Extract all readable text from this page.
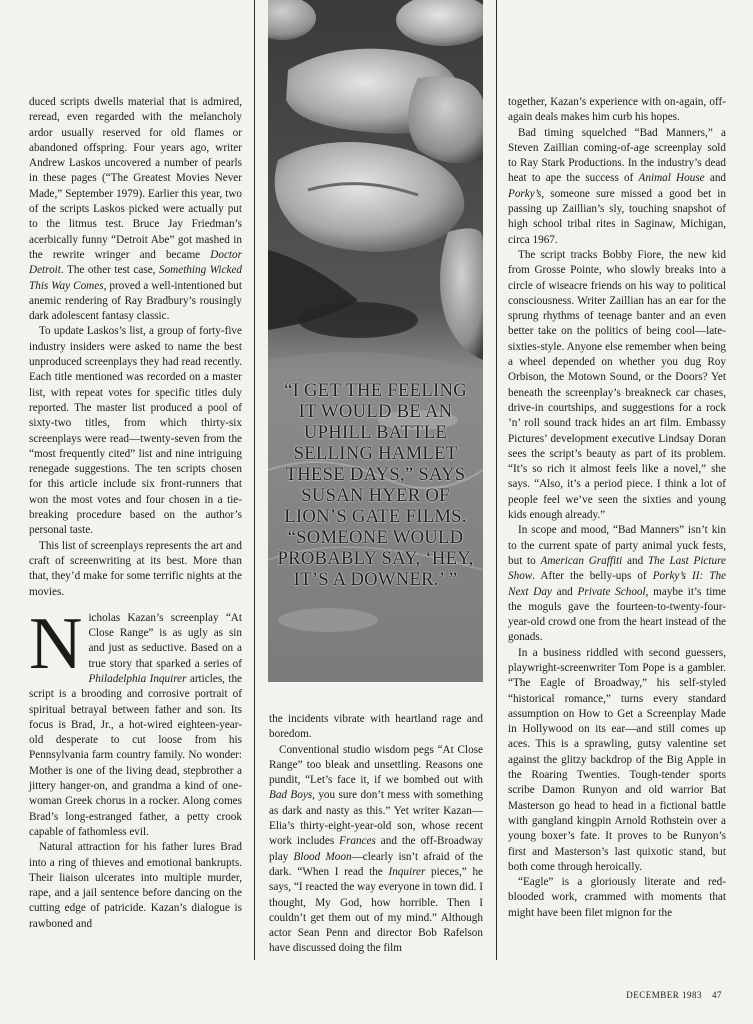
duced scripts dwells material that is admired, reread, even regarded with the melancholy ardor usually reserved for old flames or abandoned offspring. Four years ago, writer Andrew Laskos uncovered a number of pearls in these pages (“The Greatest Movies Never Made,” September 1979). Earlier this year, two of the scripts Laskos picked were actually put to the litmus test. Bruce Jay Friedman’s acerbically funny “Detroit Abe” got mashed in the rewrite wringer and became Doctor Detroit. The other test case, Something Wicked This Way Comes, proved a well-intentioned but anemic rendering of Ray Bradbury’s rousingly dark adolescent fantasy classic.

To update Laskos’s list, a group of forty-five industry insiders were asked to name the best unproduced screenplays they had read recently. Each title mentioned was recorded on a master list, with repeat votes for specific titles duly reported. The master list produced a pool of sixty-two titles, from which thirty-six screenplays were read—twenty-seven from the “most frequently cited” list and nine intriguing renegade suggestions. The ten scripts chosen for this article include six front-runners that won the most votes and four chosen in a tie-breaking procedure based on the author’s personal taste.

This list of screenplays represents the art and craft of screenwriting at its best. More than that, they’d make for some terrific nights at the movies.

Nicholas Kazan’s screenplay “At Close Range” is as ugly as sin and just as seductive. Based on a true story that sparked a series of Philadelphia Inquirer articles, the script is a brooding and corrosive portrait of spiritual betrayal between father and son. Its focus is Brad, Jr., a hot-wired eighteen-year-old desperate to cut loose from his Pennsylvania farm country family. No wonder: Mother is one of the living dead, stepbrother a jittery hanger-on, and grandma a kind of one-woman Greek chorus in a rocker. Along comes Brad’s long-estranged father, a petty crook capable of fathomless evil.

Natural attraction for his father lures Brad into a ring of thieves and emotional bankrupts. Their liaison ulcerates into multiple murder, rape, and a jail sentence before dancing on the cutting edge of patricide. Kazan’s dialogue is rawboned and

“I GET THE FEELING IT WOULD BE AN UPHILL BATTLE SELLING HAMLET THESE DAYS,” SAYS SUSAN HYER OF LION’S GATE FILMS. “SOMEONE WOULD PROBABLY SAY, ‘HEY, IT’S A DOWNER.’ ”

the incidents vibrate with heartland rage and boredom.

Conventional studio wisdom pegs “At Close Range” too bleak and unsettling. Reasons one pundit, “Let’s face it, if we bombed out with Bad Boys, you sure don’t mess with something as dark and nasty as this.” Yet writer Kazan—Elia’s thirty-eight-year-old son, whose recent work includes Frances and the off-Broadway play Blood Moon—clearly isn’t afraid of the dark. “When I read the Inquirer pieces,” he says, “I reacted the way everyone in town did. I thought, My God, how horrible. Then I couldn’t get them out of my mind.” Although actor Sean Penn and director Bob Rafelson have discussed doing the film

together, Kazan’s experience with on-again, off-again deals makes him curb his hopes.

Bad timing squelched “Bad Manners,” a Steven Zaillian coming-of-age screenplay sold to Ray Stark Productions. In the industry’s dead heat to ape the success of Animal House and Porky’s, someone sure missed a good bet in passing up Zaillian’s sly, touching snapshot of high school tribal rites in Saginaw, Michigan, circa 1967.

The script tracks Bobby Fiore, the new kid from Grosse Pointe, who slowly breaks into a circle of wiseacre friends on his way to political consciousness. Writer Zaillian has an ear for the sprung rhythms of teenage banter and an even better take on the politics of being cool—late-sixties-style. Anyone else remember when being a wheel depended on whether you dug Roy Orbison, the Motown Sound, or the Doors? Yet beneath the screenplay’s breakneck car chases, drive-in courtships, and suggestions for a rock ’n’ roll sound track hides an art film. Embassy Pictures’ development executive Lindsay Doran sees the script’s beauty as part of its problem. “It’s so rich it almost feels like a novel,” she says. “Also, it’s a period piece. I think a lot of people feel we’ve seen the sixties and young kids enough already.”

In scope and mood, “Bad Manners” isn’t kin to the current spate of party animal yuck fests, but to American Graffiti and The Last Picture Show. After the belly-ups of Porky’s II: The Next Day and Private School, maybe it’s time the moguls gave the fourteen-to-twenty-four-year-old crowd one from the heart instead of the gonads.

In a business riddled with second guessers, playwright-screenwriter Tom Pope is a gambler. “The Eagle of Broadway,” his self-styled “historical romance,” turns every standard assumption on How to Get a Screenplay Made in Hollywood on its ear—and still comes up aces. This is a sprawling, gutsy valentine set against the glitzy backdrop of the Big Apple in the Roaring Twenties. Tough-tender sports scribe Damon Runyon and old warrior Bat Masterson go head to head in a fictional battle with gangland kingpin Arnold Rothstein over a young boxer’s fate. It proves to be Runyon’s first and Masterson’s last quixotic stand, but both come through heroically.

“Eagle” is a gloriously literate and red-blooded work, crammed with moments that might have been filet mignon for the

DECEMBER 1983 47
